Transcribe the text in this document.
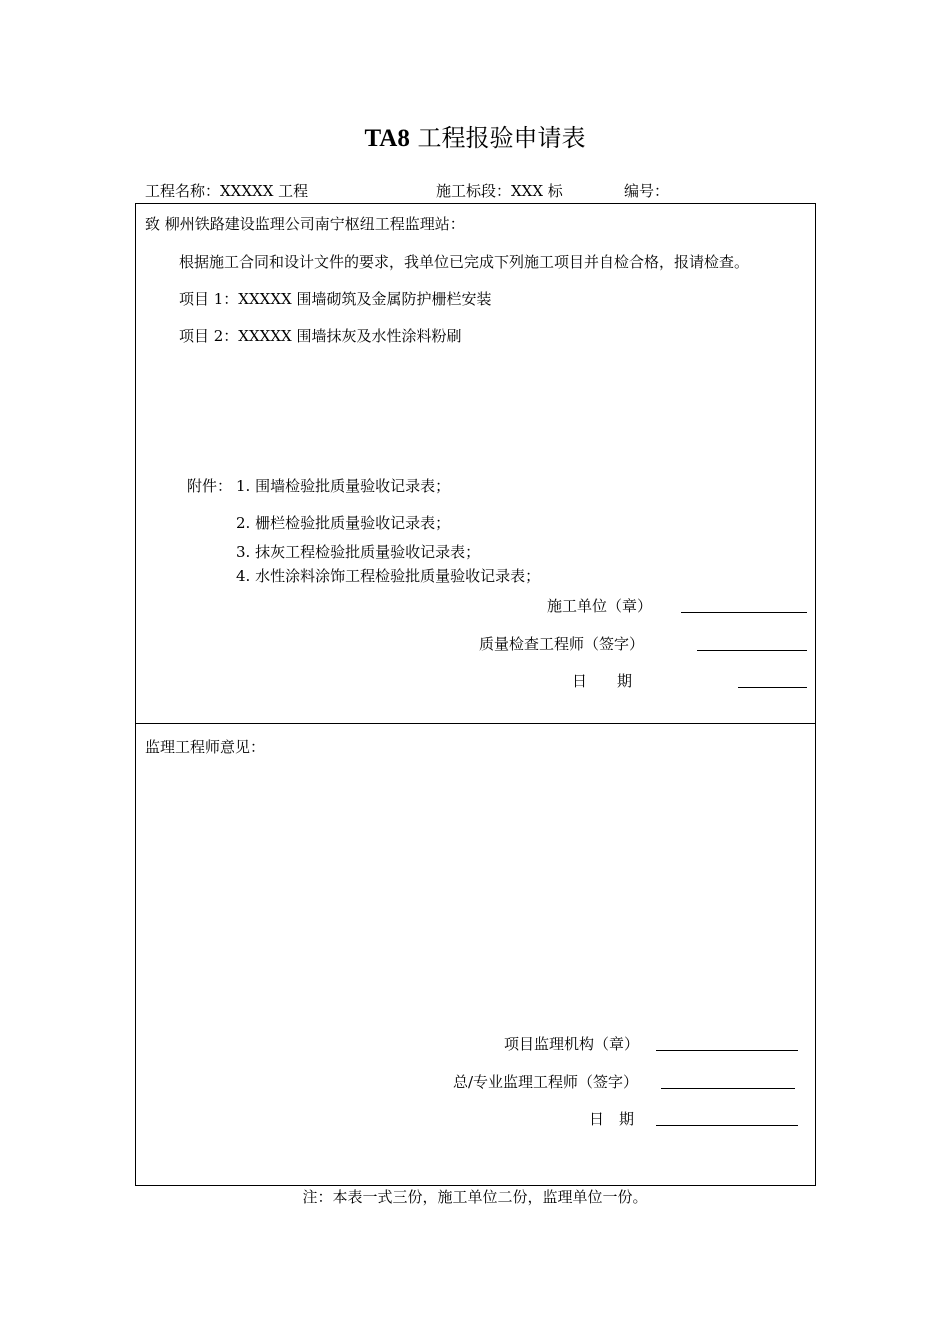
TA8 工程报验申请表
工程名称：XXXXX 工程	施工标段：XXX 标	编号：
致 柳州铁路建设监理公司南宁枢纽工程监理站：
根据施工合同和设计文件的要求，我单位已完成下列施工项目并自检合格，报请检查。
项目 1：XXXXX 围墙砌筑及金属防护栅栏安装
项目 2：XXXXX 围墙抹灰及水性涂料粉刷
附件： 1. 围墙检验批质量验收记录表；
2. 栅栏检验批质量验收记录表；
3. 抹灰工程检验批质量验收记录表；
4. 水性涂料涂饰工程检验批质量验收记录表；
施工单位（章）
质量检查工程师（签字）
日　　期
监理工程师意见：
项目监理机构（章）
总/专业监理工程师（签字）
日　期
注：本表一式三份，施工单位二份，监理单位一份。
